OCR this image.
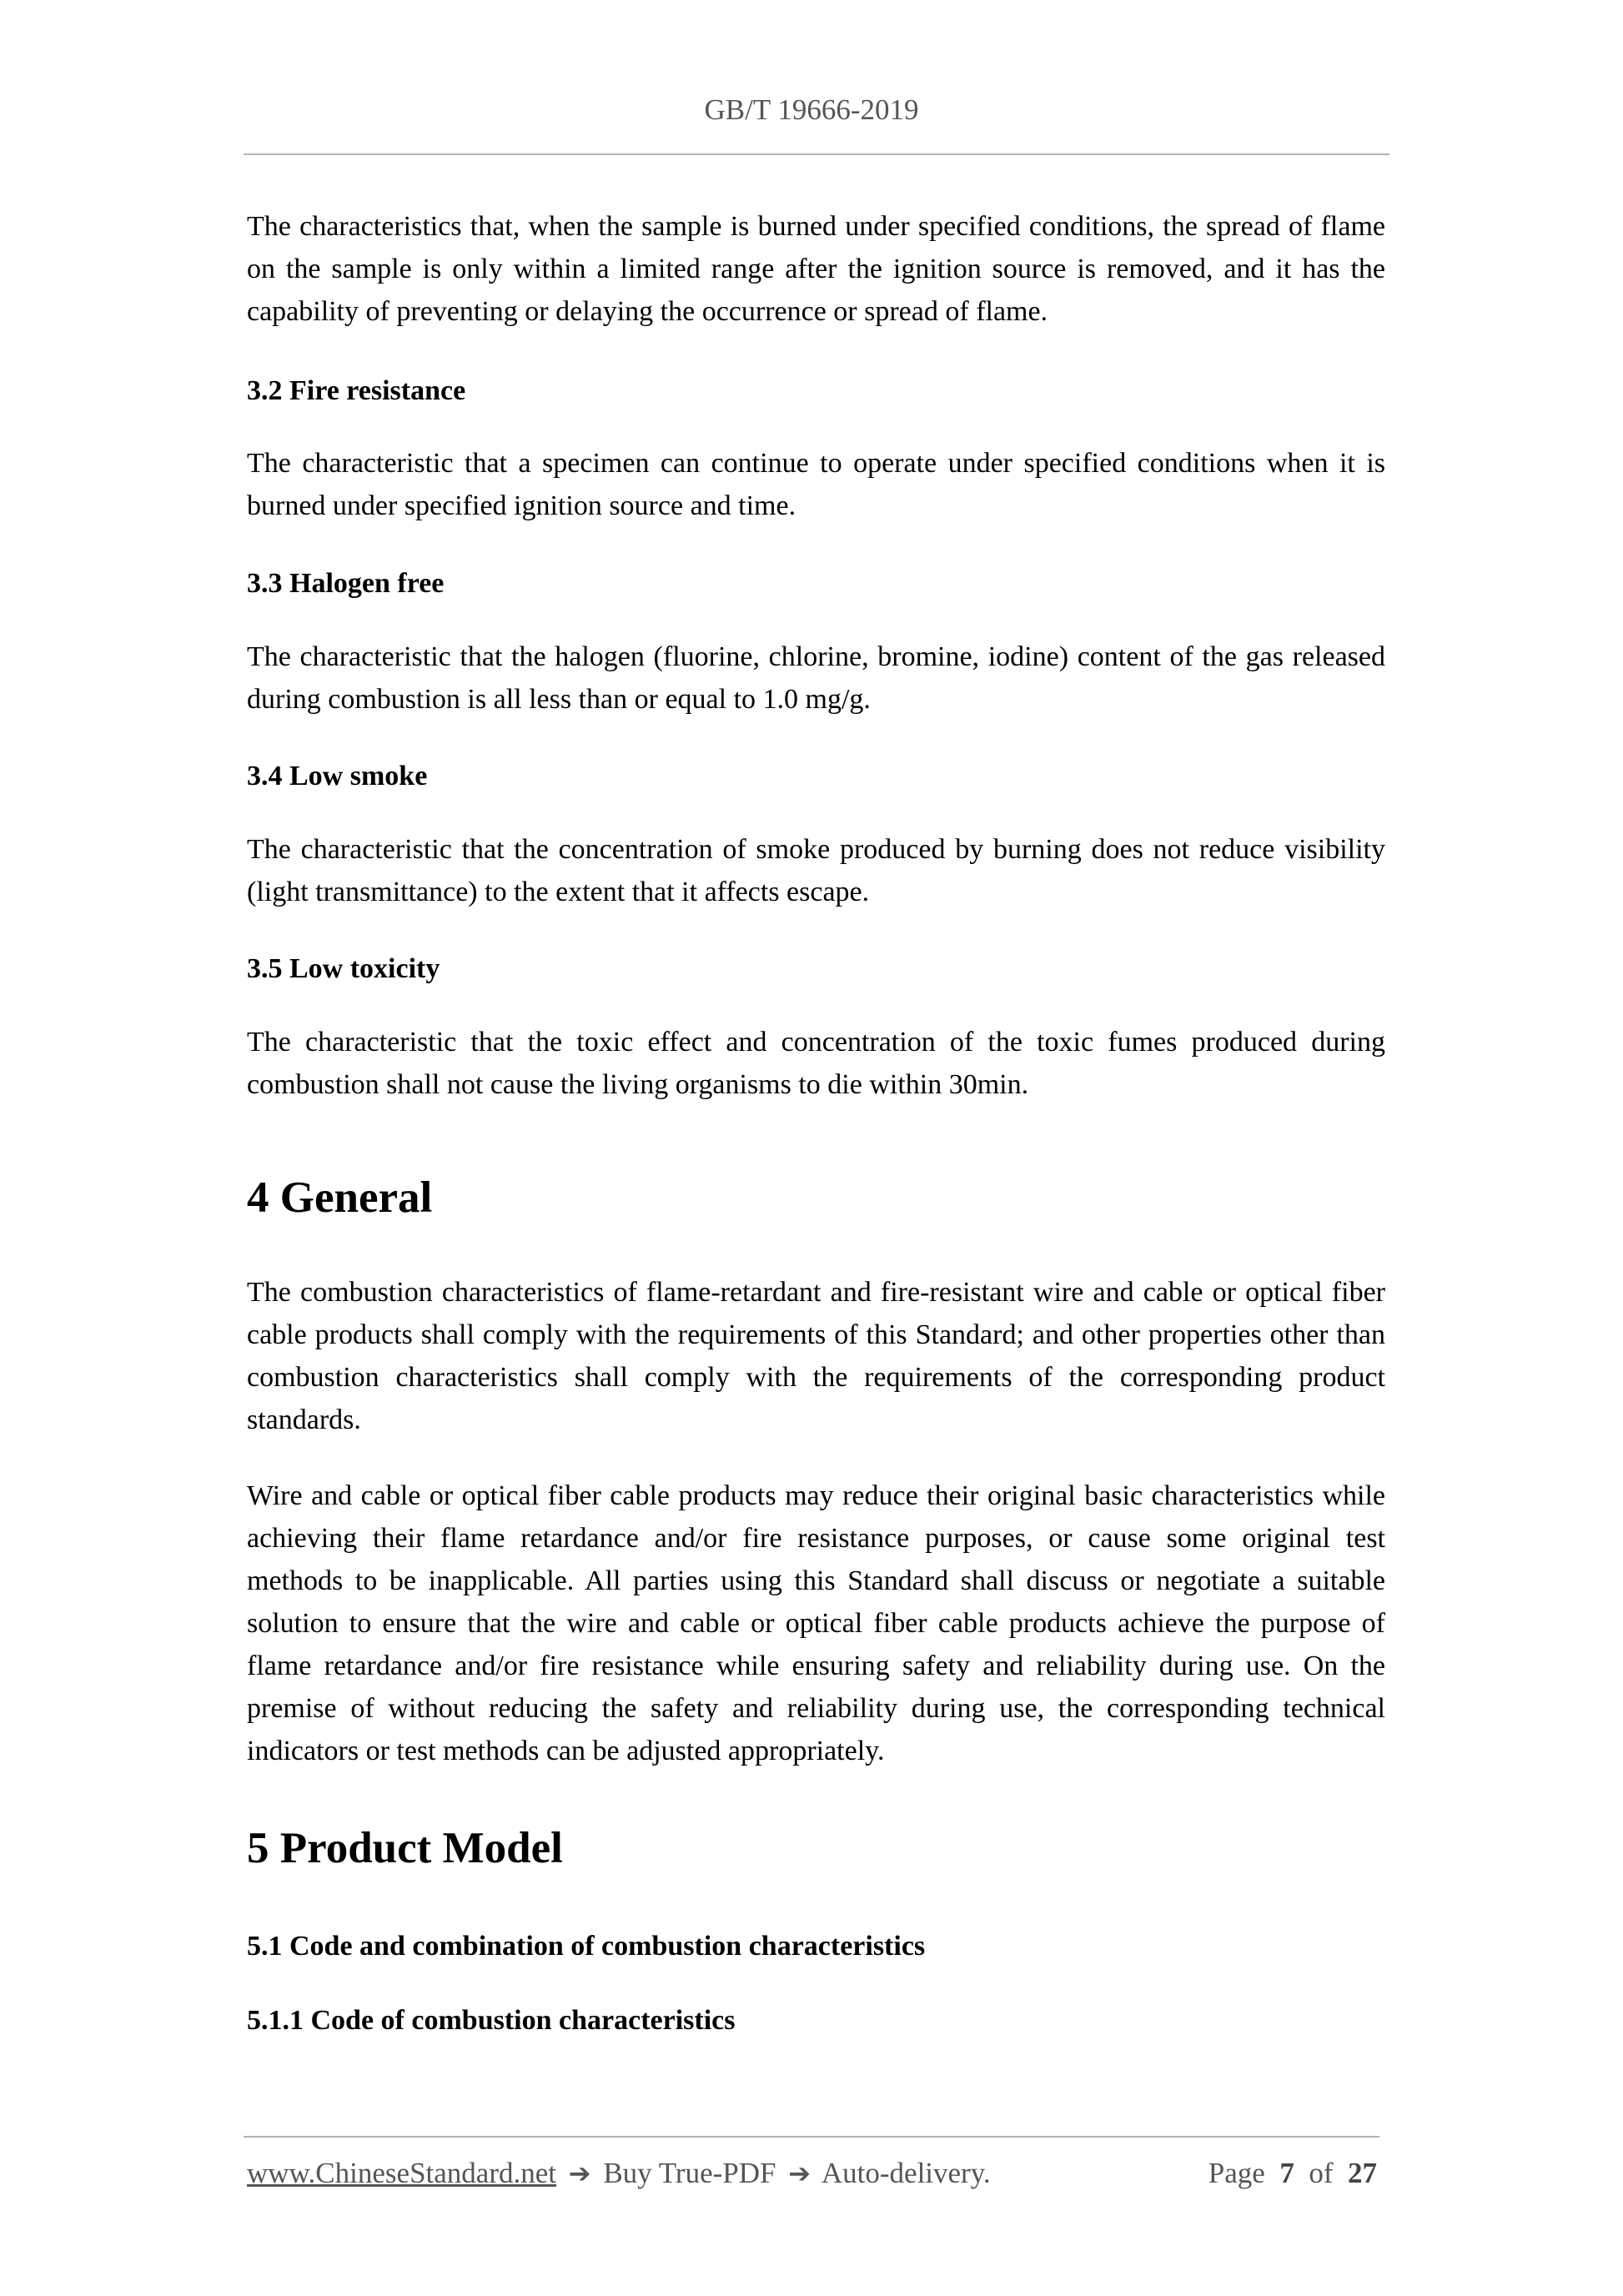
GB/T 19666-2019

The characteristics that, when the sample is burned under specified conditions, the spread of flame on the sample is only within a limited range after the ignition source is removed, and it has the capability of preventing or delaying the occurrence or spread of flame.

3.2 Fire resistance

The characteristic that a specimen can continue to operate under specified conditions when it is burned under specified ignition source and time.

3.3 Halogen free

The characteristic that the halogen (fluorine, chlorine, bromine, iodine) content of the gas released during combustion is all less than or equal to 1.0 mg/g.

3.4 Low smoke

The characteristic that the concentration of smoke produced by burning does not reduce visibility (light transmittance) to the extent that it affects escape.

3.5 Low toxicity

The characteristic that the toxic effect and concentration of the toxic fumes produced during combustion shall not cause the living organisms to die within 30min.

4 General

The combustion characteristics of flame-retardant and fire-resistant wire and cable or optical fiber cable products shall comply with the requirements of this Standard; and other properties other than combustion characteristics shall comply with the requirements of the corresponding product standards.

Wire and cable or optical fiber cable products may reduce their original basic characteristics while achieving their flame retardance and/or fire resistance purposes, or cause some original test methods to be inapplicable. All parties using this Standard shall discuss or negotiate a suitable solution to ensure that the wire and cable or optical fiber cable products achieve the purpose of flame retardance and/or fire resistance while ensuring safety and reliability during use. On the premise of without reducing the safety and reliability during use, the corresponding technical indicators or test methods can be adjusted appropriately.

5 Product Model

5.1 Code and combination of combustion characteristics

5.1.1 Code of combustion characteristics

www.ChineseStandard.net ➔ Buy True-PDF ➔ Auto-delivery.	Page 7 of 27
